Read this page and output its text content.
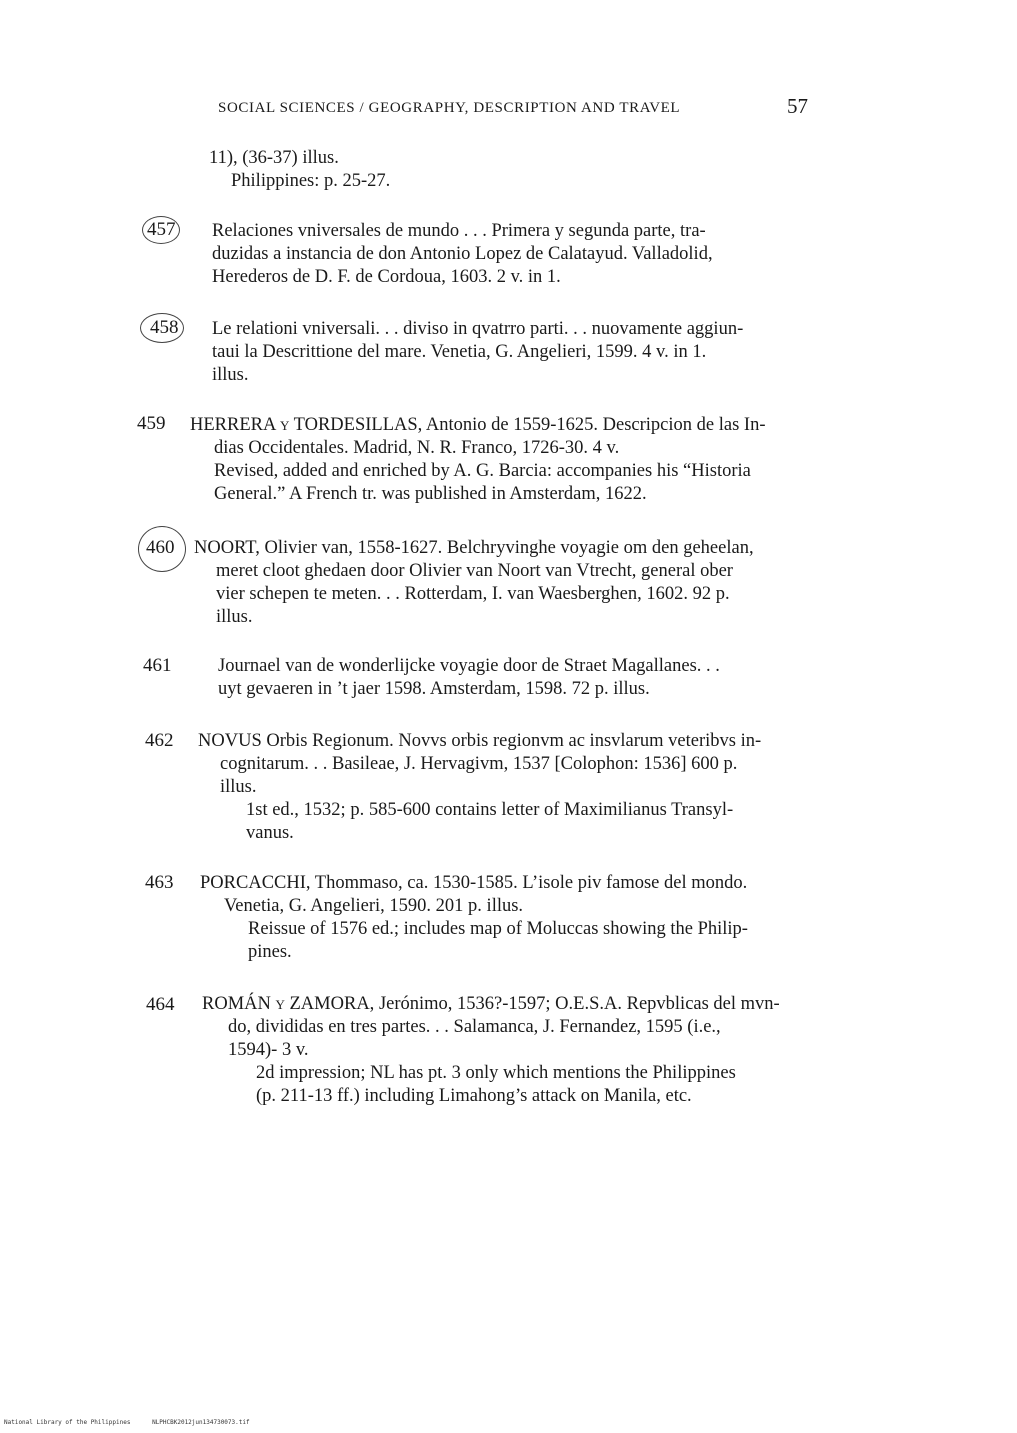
SOCIAL SCIENCES / GEOGRAPHY, DESCRIPTION AND TRAVEL	57
11), (36-37) illus.
Philippines: p. 25-27.
457 Relaciones vniversales de mundo . . . Primera y segunda parte, tra-
duzidas a instancia de don Antonio Lopez de Calatayud. Valladolid,
Herederos de D. F. de Cordoua, 1603. 2 v. in 1.
458 Le relationi vniversali. . . diviso in qvatrro parti. . . nuovamente aggiun-
taui la Descrittione del mare. Venetia, G. Angelieri, 1599. 4 v. in 1.
illus.
459 HERRERA y TORDESILLAS, Antonio de 1559-1625. Descripcion de las In-
dias Occidentales. Madrid, N. R. Franco, 1726-30. 4 v.
Revised, added and enriched by A. G. Barcia: accompanies his “Historia
General.” A French tr. was published in Amsterdam, 1622.
460 NOORT, Olivier van, 1558-1627. Belchryvinghe voyagie om den geheelan,
meret cloot ghedaen door Olivier van Noort van Vtrecht, general ober
vier schepen te meten. . . Rotterdam, I. van Waesberghen, 1602. 92 p.
illus.
461	Journael van de wonderlijcke voyagie door de Straet Magallanes. . .
uyt gevaeren in ’t jaer 1598. Amsterdam, 1598. 72 p. illus.
462 NOVUS Orbis Regionum. Novvs orbis regionvm ac insvlarum veteribvs in-
cognitarum. . . Basileae, J. Hervagivm, 1537 [Colophon: 1536] 600 p.
illus.
1st ed., 1532; p. 585-600 contains letter of Maximilianus Transyl-
vanus.
463 PORCACCHI, Thommaso, ca. 1530-1585. L’isole piv famose del mondo.
Venetia, G. Angelieri, 1590. 201 p. illus.
Reissue of 1576 ed.; includes map of Moluccas showing the Philip-
pines.
464 ROMÁN y ZAMORA, Jerónimo, 1536?-1597; O.E.S.A. Repvblicas del mvn-
do, divididas en tres partes. . . Salamanca, J. Fernandez, 1595 (i.e.,
1594)- 3 v.
2d impression; NL has pt. 3 only which mentions the Philippines
(p. 211-13 ff.) including Limahong’s attack on Manila, etc.
National Library of the Philippines	NLPHCBK2012jun134730073.tif
